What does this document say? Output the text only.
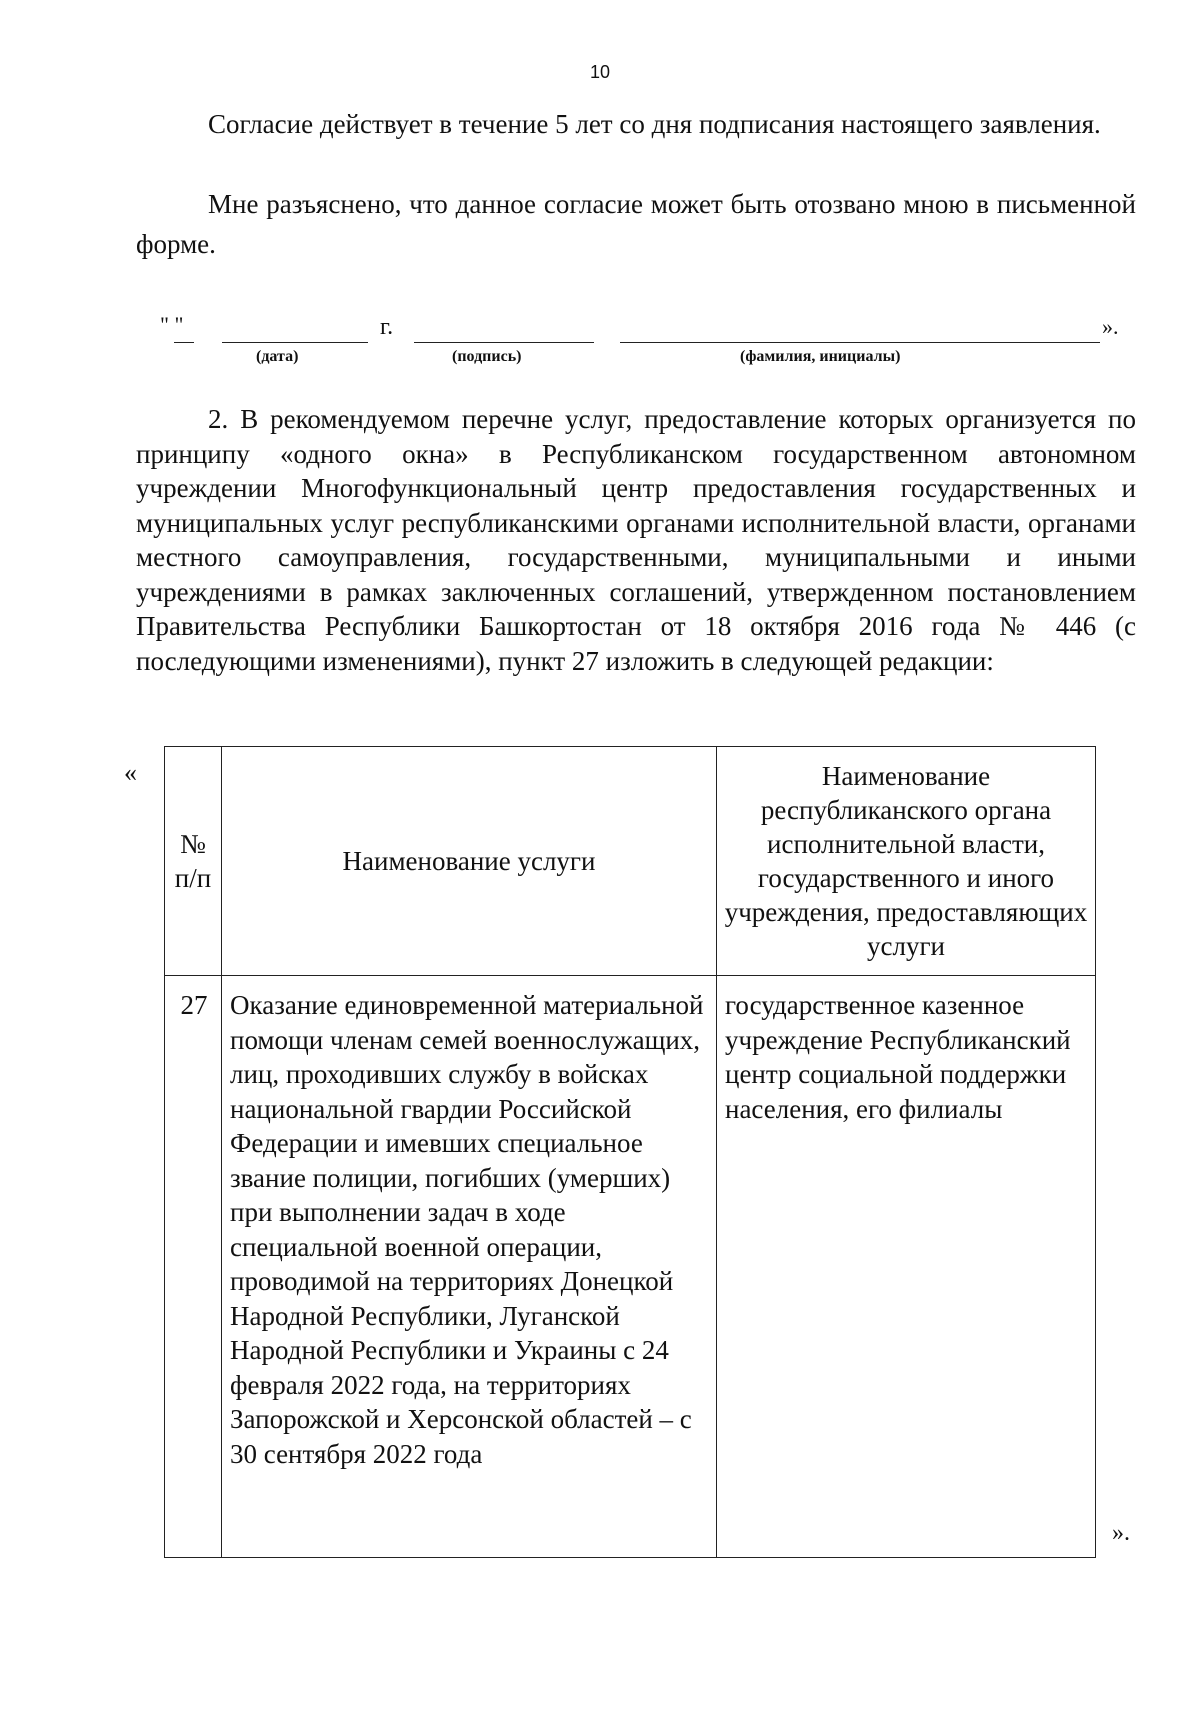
10

Согласие действует в течение 5 лет со дня подписания настоящего заявления.

Мне разъяснено, что данное согласие может быть отозвано мною в письменной форме.

" "	г.	».
(дата)	(подпись)	(фамилия, инициалы)

2. В рекомендуемом перечне услуг, предоставление которых организуется по принципу «одного окна» в Республиканском государственном автономном учреждении Многофункциональный центр предоставления государственных и муниципальных услуг республиканскими органами исполнительной власти, органами местного самоуправления, государственными, муниципальными и иными учреждениями в рамках заключенных соглашений, утвержденном постановлением Правительства Республики Башкортостан от 18 октября 2016 года № 446 (с последующими изменениями), пункт 27 изложить в следующей редакции:

«
№ п/п	Наименование услуги	Наименование республиканского органа исполнительной власти, государственного и иного учреждения, предоставляющих услуги
27	Оказание единовременной материальной помощи членам семей военнослужащих, лиц, проходивших службу в войсках национальной гвардии Российской Федерации и имевших специальное звание полиции, погибших (умерших) при выполнении задач в ходе специальной военной операции, проводимой на территориях Донецкой Народной Республики, Луганской Народной Республики и Украины с 24 февраля 2022 года, на территориях Запорожской и Херсонской областей – с 30 сентября 2022 года	государственное казенное учреждение Республиканский центр социальной поддержки населения, его филиалы
».
